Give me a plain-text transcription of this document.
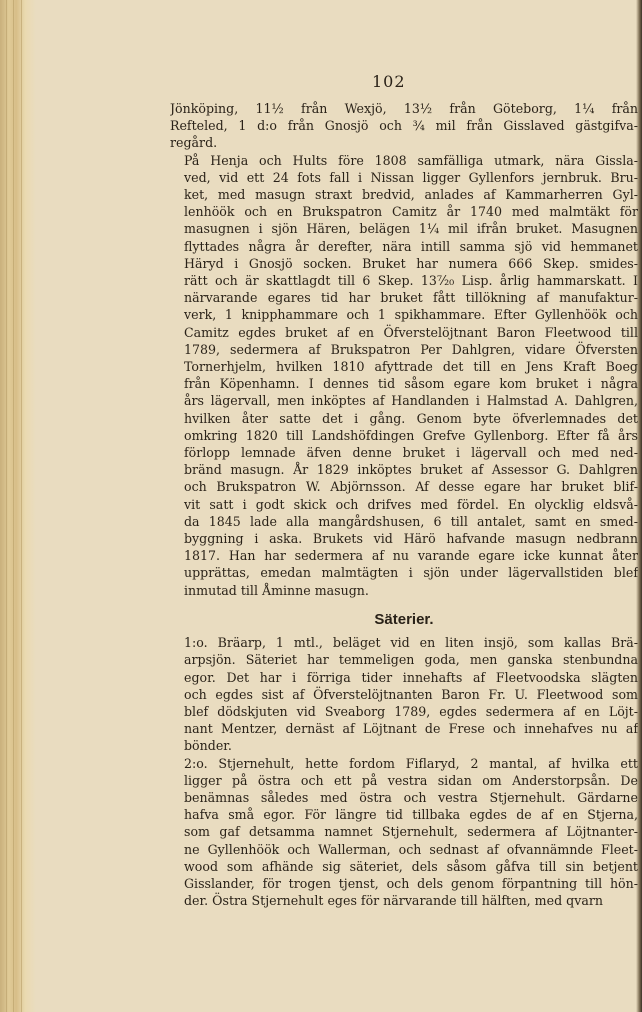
102

Jönköping, 11½ från Wexjö, 13½ från Göteborg, 1¼ från
Refteled, 1 d:o från Gnosjö och ¾ mil från Gisslaved gästgifva-
regård.

På Henja och Hults före 1808 samfälliga utmark, nära Gissla-
ved, vid ett 24 fots fall i Nissan ligger Gyllenfors jernbruk. Bru-
ket, med masugn straxt bredvid, anlades af Kammarherren Gyl-
lenhöök och en Brukspatron Camitz år 1740 med malmtäkt för
masugnen i sjön Hären, belägen 1¼ mil ifrån bruket. Masugnen
flyttades några år derefter, nära intill samma sjö vid hemmanet
Häryd i Gnosjö socken. Bruket har numera 666 Skep. smides-
rätt och är skattlagdt till 6 Skep. 13⁷⁄₂₀ Lisp. årlig hammarskatt. I
närvarande egares tid har bruket fått tillökning af manufaktur-
verk, 1 knipphammare och 1 spikhammare. Efter Gyllenhöök och
Camitz egdes bruket af en Öfverstelöjtnant Baron Fleetwood till
1789, sedermera af Brukspatron Per Dahlgren, vidare Öfversten
Tornerhjelm, hvilken 1810 afyttrade det till en Jens Kraft Boeg
från Köpenhamn. I dennes tid såsom egare kom bruket i några
års lägervall, men inköptes af Handlanden i Halmstad A. Dahlgren,
hvilken åter satte det i gång. Genom byte öfverlemnades det
omkring 1820 till Landshöfdingen Grefve Gyllenborg. Efter få års
förlopp lemnade äfven denne bruket i lägervall och med ned-
bränd masugn. År 1829 inköptes bruket af Assessor G. Dahlgren
och Brukspatron W. Abjörnsson. Af desse egare har bruket blif-
vit satt i godt skick och drifves med fördel. En olycklig eldsvå-
da 1845 lade alla mangårdshusen, 6 till antalet, samt en smed-
byggning i aska. Brukets vid Härö hafvande masugn nedbrann
1817. Han har sedermera af nu varande egare icke kunnat åter
upprättas, emedan malmtägten i sjön under lägervallstiden blef
inmutad till Åminne masugn.

Säterier.

1:o. Bräarp, 1 mtl., beläget vid en liten insjö, som kallas Brä-
arpsjön. Säteriet har temmeligen goda, men ganska stenbundna
egor. Det har i förriga tider innehafts af Fleetvoodska slägten
och egdes sist af Öfverstelöjtnanten Baron Fr. U. Fleetwood som
blef dödskjuten vid Sveaborg 1789, egdes sedermera af en Löjt-
nant Mentzer, dernäst af Löjtnant de Frese och innehafves nu af
bönder.

2:o. Stjernehult, hette fordom Fiflaryd, 2 mantal, af hvilka ett
ligger på östra och ett på vestra sidan om Anderstorpsån. De
benämnas således med östra och vestra Stjernehult. Gärdarne
hafva små egor. För längre tid tillbaka egdes de af en Stjerna,
som gaf detsamma namnet Stjernehult, sedermera af Löjtnanter-
ne Gyllenhöök och Wallerman, och sednast af ofvannämnde Fleet-
wood som afhände sig säteriet, dels såsom gåfva till sin betjent
Gisslander, för trogen tjenst, och dels genom förpantning till hön-
der. Östra Stjernehult eges för närvarande till hälften, med qvarn
